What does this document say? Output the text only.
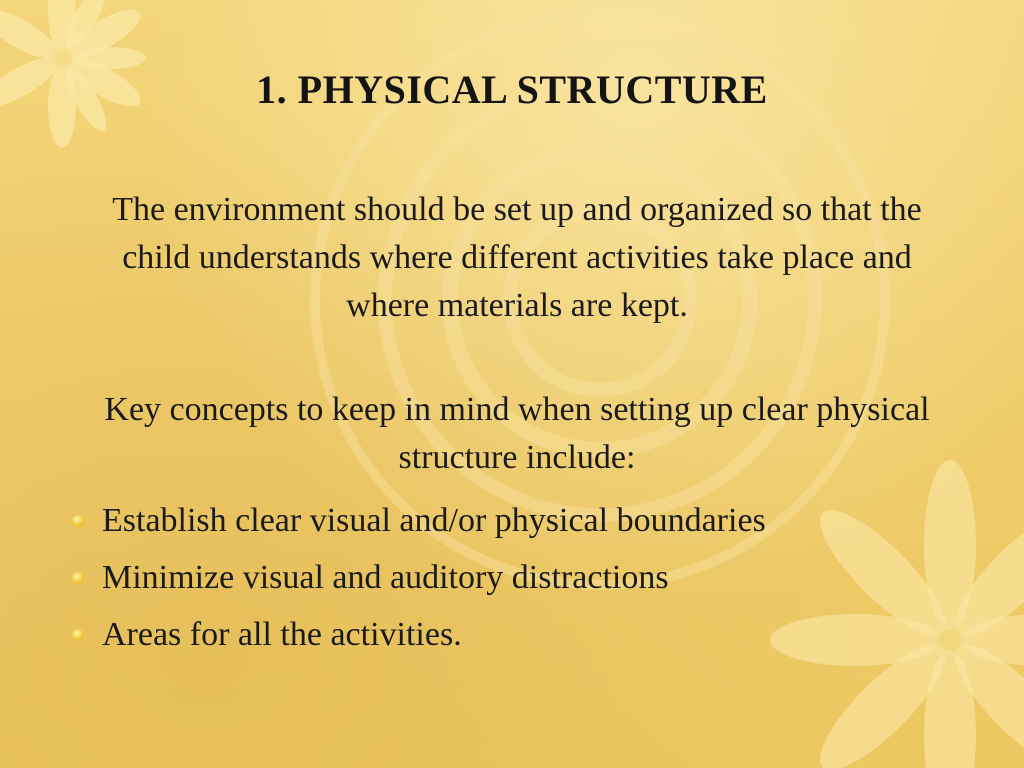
1. PHYSICAL STRUCTURE

The environment should be set up and organized so that the child understands where different activities take place and where materials are kept.

Key concepts to keep in mind when setting up clear physical structure include:

Establish clear visual and/or physical boundaries
Minimize visual and auditory distractions
Areas for all the activities.
